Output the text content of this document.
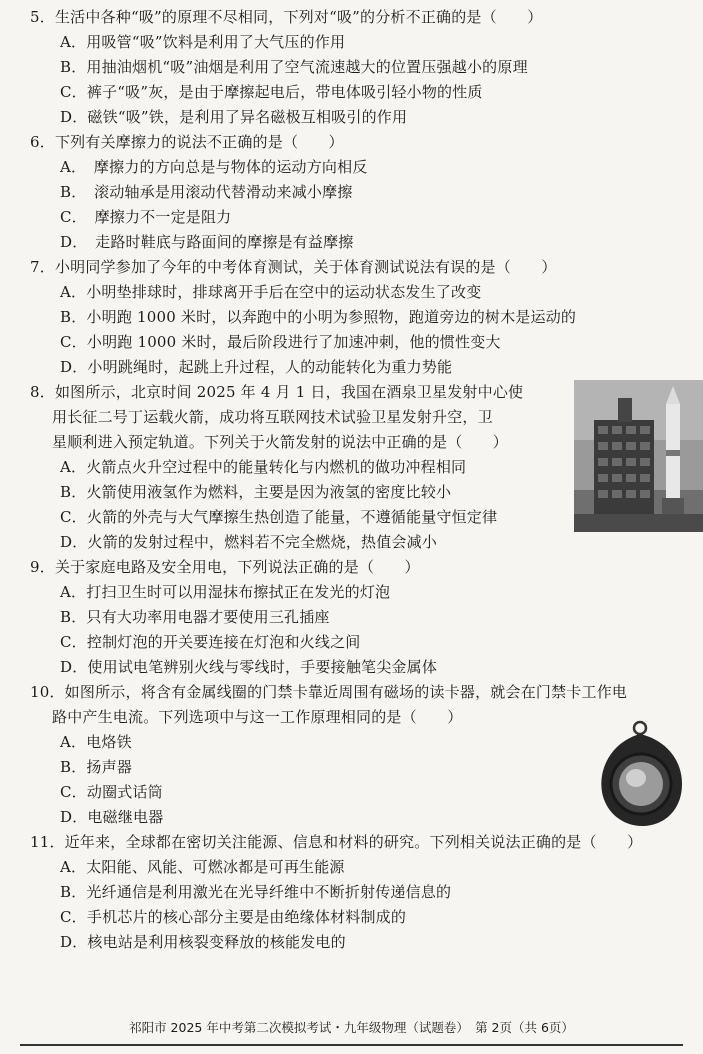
5．生活中各种“吸”的原理不尽相同，下列对“吸”的分析不正确的是（　　）
A．用吸管“吸”饮料是利用了大气压的作用
B．用抽油烟机“吸”油烟是利用了空气流速越大的位置压强越小的原理
C．裤子“吸”灰，是由于摩擦起电后，带电体吸引轻小物的性质
D．磁铁“吸”铁，是利用了异名磁极互相吸引的作用
6．下列有关摩擦力的说法不正确的是（　　）
A．　摩擦力的方向总是与物体的运动方向相反
B．　滚动轴承是用滚动代替滑动来减小摩擦
C．　摩擦力不一定是阻力
D．　走路时鞋底与路面间的摩擦是有益摩擦
7．小明同学参加了今年的中考体育测试，关于体育测试说法有误的是（　　）
A．小明垫排球时，排球离开手后在空中的运动状态发生了改变
B．小明跑 1000 米时，以奔跑中的小明为参照物，跑道旁边的树木是运动的
C．小明跑 1000 米时，最后阶段进行了加速冲刺，他的惯性变大
D．小明跳绳时，起跳上升过程，人的动能转化为重力势能
8．如图所示，北京时间 2025 年 4 月 1 日，我国在酒泉卫星发射中心使
用长征二号丁运载火箭，成功将互联网技术试验卫星发射升空，卫
星顺利进入预定轨道。下列关于火箭发射的说法中正确的是（　　）
A．火箭点火升空过程中的能量转化与内燃机的做功冲程相同
B．火箭使用液氢作为燃料，主要是因为液氢的密度比较小
C．火箭的外壳与大气摩擦生热创造了能量，不遵循能量守恒定律
D．火箭的发射过程中，燃料若不完全燃烧，热值会减小
9．关于家庭电路及安全用电，下列说法正确的是（　　）
A．打扫卫生时可以用湿抹布擦拭正在发光的灯泡
B．只有大功率用电器才要使用三孔插座
C．控制灯泡的开关要连接在灯泡和火线之间
D．使用试电笔辨别火线与零线时，手要接触笔尖金属体
10．如图所示，将含有金属线圈的门禁卡靠近周围有磁场的读卡器，就会在门禁卡工作电
路中产生电流。下列选项中与这一工作原理相同的是（　　）
A．电烙铁
B．扬声器
C．动圈式话筒
D．电磁继电器
11．近年来，全球都在密切关注能源、信息和材料的研究。下列相关说法正确的是（　　）
A．太阳能、风能、可燃冰都是可再生能源
B．光纤通信是利用激光在光导纤维中不断折射传递信息的
C．手机芯片的核心部分主要是由绝缘体材料制成的
D．核电站是利用核裂变释放的核能发电的
祁阳市 2025 年中考第二次模拟考试・九年级物理（试题卷）　第 2页（共 6页）
